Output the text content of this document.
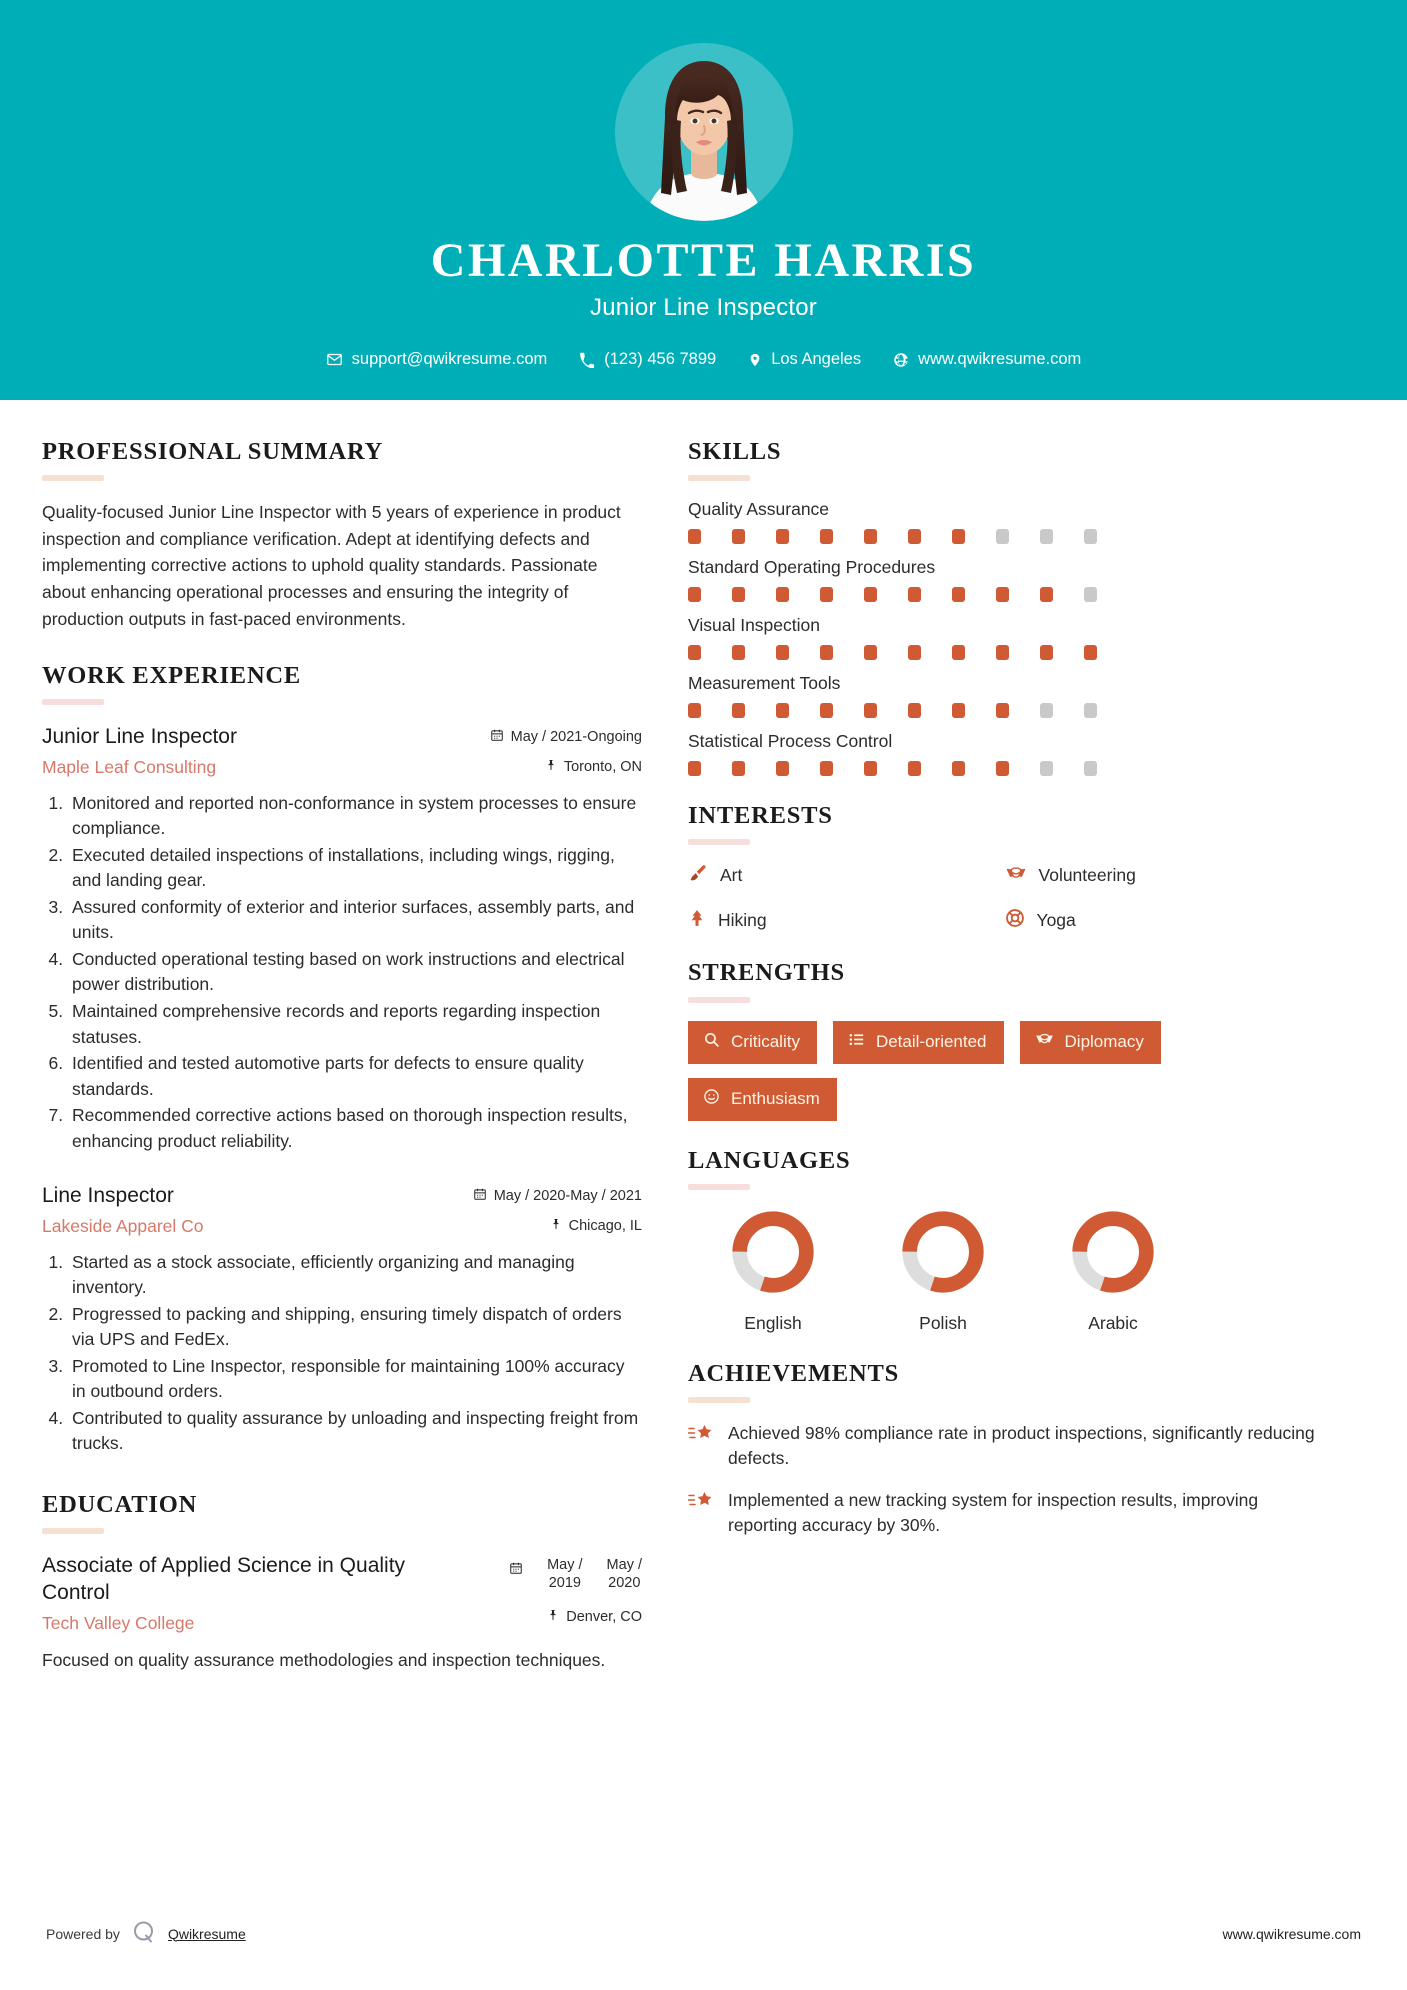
CHARLOTTE HARRIS
Junior Line Inspector
support@qwikresume.com	(123) 456 7899	Los Angeles	www.qwikresume.com
PROFESSIONAL SUMMARY
Quality-focused Junior Line Inspector with 5 years of experience in product inspection and compliance verification. Adept at identifying defects and implementing corrective actions to uphold quality standards. Passionate about enhancing operational processes and ensuring the integrity of production outputs in fast-paced environments.
WORK EXPERIENCE
Junior Line Inspector
Maple Leaf Consulting
May / 2021-Ongoing
Toronto, ON
1. Monitored and reported non-conformance in system processes to ensure compliance.
2. Executed detailed inspections of installations, including wings, rigging, and landing gear.
3. Assured conformity of exterior and interior surfaces, assembly parts, and units.
4. Conducted operational testing based on work instructions and electrical power distribution.
5. Maintained comprehensive records and reports regarding inspection statuses.
6. Identified and tested automotive parts for defects to ensure quality standards.
7. Recommended corrective actions based on thorough inspection results, enhancing product reliability.
Line Inspector
Lakeside Apparel Co
May / 2020-May / 2021
Chicago, IL
1. Started as a stock associate, efficiently organizing and managing inventory.
2. Progressed to packing and shipping, ensuring timely dispatch of orders via UPS and FedEx.
3. Promoted to Line Inspector, responsible for maintaining 100% accuracy in outbound orders.
4. Contributed to quality assurance by unloading and inspecting freight from trucks.
EDUCATION
Associate of Applied Science in Quality Control
Tech Valley College
May /
2019
May /
2020
Denver, CO
Focused on quality assurance methodologies and inspection techniques.
SKILLS
Quality Assurance
Standard Operating Procedures
Visual Inspection
Measurement Tools
Statistical Process Control
INTERESTS
Art	Volunteering
Hiking	Yoga
STRENGTHS
Criticality	Detail-oriented	Diplomacy
Enthusiasm
LANGUAGES
English	Polish	Arabic
ACHIEVEMENTS
Achieved 98% compliance rate in product inspections, significantly reducing defects.
Implemented a new tracking system for inspection results, improving reporting accuracy by 30%.
Powered by	Qwikresume	www.qwikresume.com
